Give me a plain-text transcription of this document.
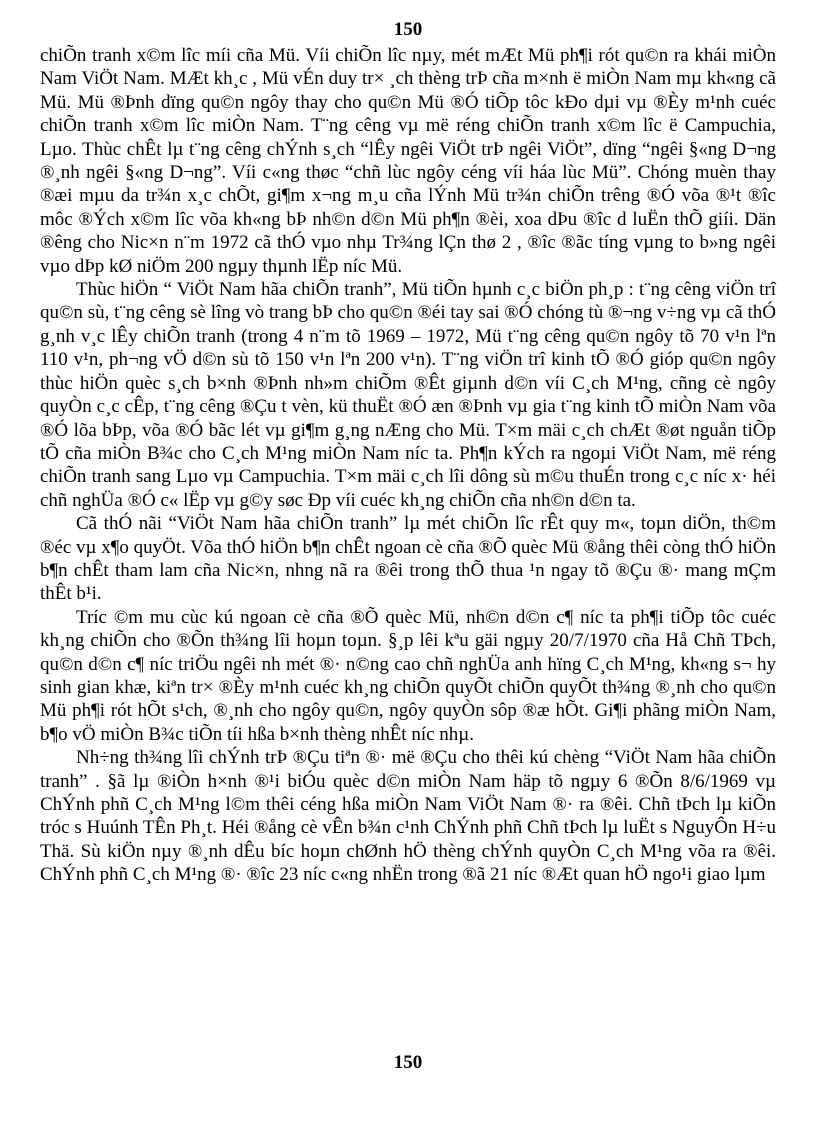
150

chiÕn tranh x©m lîc míi cña Mü. Víi chiÕn lîc nµy, mét mÆt Mü ph¶i rót qu©n ra khái miÒn Nam ViÖt Nam. MÆt kh¸c , Mü vÉn duy tr× ¸ch thèng trÞ cña m×nh ë miÒn Nam mµ kh«ng cã Mü. Mü ®Þnh dïng qu©n ngôy thay cho qu©n Mü ®Ó tiÕp tôc kÐo dµi vµ ®Èy m¹nh cuéc chiÕn tranh x©m lîc miÒn Nam. T¨ng cêng vµ më réng chiÕn tranh x©m lîc ë Campuchia, Lµo. Thùc chÊt lµ t¨ng cêng chÝnh s¸ch “lÊy ngêi ViÖt trÞ ngêi ViÖt”, dïng “ngêi §«ng D¬ng ®¸nh ngêi §«ng D¬ng”. Víi c«ng thøc “chñ lùc ngôy céng víi háa lùc Mü”. Chóng muèn thay ®æi mµu da tr¾n x¸c chÕt, gi¶m x¬ng m¸u cña lÝnh Mü tr¾n chiÕn trêng ®Ó võa ®¹t ®îc môc ®Ých x©m lîc võa kh«ng bÞ nh©n d©n Mü ph¶n ®èi, xoa dÞu ®îc d luËn thÕ giíi. Dän ®êng cho Nic×n n¨m 1972 cã thÓ vµo nhµ Tr¾ng lÇn thø 2 , ®îc ®ãc tíng vµng to b»ng ngêi vµo dÞp kØ niÖm 200 ngµy thµnh lËp níc Mü.

Thùc hiÖn “ ViÖt Nam hãa chiÕn tranh”, Mü tiÕn hµnh c¸c biÖn ph¸p : t¨ng cêng viÖn trî qu©n sù, t¨ng cêng sè lîng vò trang bÞ cho qu©n ®éi tay sai ®Ó chóng tù ®¬ng v÷ng vµ cã thÓ g¸nh v¸c lÊy chiÕn tranh (trong 4 n¨m tõ 1969 – 1972, Mü t¨ng cêng qu©n ngôy tõ 70 v¹n lªn 110 v¹n, ph¬ng vÖ d©n sù tõ 150 v¹n lªn 200 v¹n). T¨ng viÖn trî kinh tÕ ®Ó gióp qu©n ngôy thùc hiÖn quèc s¸ch b×nh ®Þnh nh»m chiÕm ®Êt giµnh d©n víi C¸ch M¹ng, cñng cè ngôy quyÒn c¸c cÊp, t¨ng cêng ®Çu t vèn, kü thuËt ®Ó æn ®Þnh vµ gia t¨ng kinh tÕ miÒn Nam võa ®Ó lõa bÞp, võa ®Ó bãc lét vµ gi¶m g¸ng nÆng cho Mü. T×m mäi c¸ch chÆt ®øt nguån tiÕp tÕ cña miÒn B¾c cho C¸ch M¹ng miÒn Nam níc ta. Ph¶n kÝch ra ngoµi ViÖt Nam, më réng chiÕn tranh sang Lµo vµ Campuchia. T×m mäi c¸ch lîi dông sù m©u thuÉn trong c¸c níc x· héi chñ nghÜa ®Ó c« lËp vµ g©y søc Ðp víi cuéc kh¸ng chiÕn cña nh©n d©n ta.

Cã thÓ nãi “ViÖt Nam hãa chiÕn tranh” lµ mét chiÕn lîc rÊt quy m«, toµn diÖn, th©m ®éc vµ x¶o quyÖt. Võa thÓ hiÖn b¶n chÊt ngoan cè cña ®Õ quèc Mü ®ång thêi còng thÓ hiÖn b¶n chÊt tham lam cña Nic×n, nhng nã ra ®êi trong thÕ thua ¹n ngay tõ ®Çu ®· mang mÇm thÊt b¹i.

Tríc ©m mu cùc kú ngoan cè cña ®Õ quèc Mü, nh©n d©n c¶ níc ta ph¶i tiÕp tôc cuéc kh¸ng chiÕn cho ®Õn th¾ng lîi hoµn toµn. §¸p lêi kªu gäi ngµy 20/7/1970 cña Hå Chñ TÞch, qu©n d©n c¶ níc triÖu ngêi nh mét ®· n©ng cao chñ nghÜa anh hïng C¸ch M¹ng, kh«ng s¬ hy sinh gian khæ, kiªn tr× ®Èy m¹nh cuéc kh¸ng chiÕn quyÕt chiÕn quyÕt th¾ng ®¸nh cho qu©n Mü ph¶i rót hÕt s¹ch, ®¸nh cho ngôy qu©n, ngôy quyÒn sôp ®æ hÕt. Gi¶i phãng miÒn Nam, b¶o vÖ miÒn B¾c tiÕn tíi hßa b×nh thèng nhÊt níc nhµ.

Nh÷ng th¾ng lîi chÝnh trÞ ®Çu tiªn ®· më ®Çu cho thêi kú chèng “ViÖt Nam hãa chiÕn tranh” . §ã lµ ®iÒn h×nh ®¹i biÓu quèc d©n miÒn Nam häp tõ ngµy 6 ®Õn 8/6/1969 vµ ChÝnh phñ C¸ch M¹ng l©m thêi céng hßa miÒn Nam ViÖt Nam ®· ra ®êi. Chñ tÞch lµ kiÕn tróc s Huúnh TÊn Ph¸t. Héi ®ång cè vÊn b¾n c¹nh ChÝnh phñ Chñ tÞch lµ luËt s NguyÔn H÷u Thä. Sù kiÖn nµy ®¸nh dÊu bíc hoµn chØnh hÖ thèng chÝnh quyÒn C¸ch M¹ng võa ra ®êi. ChÝnh phñ C¸ch M¹ng ®· ®îc 23 níc c«ng nhËn trong ®ã 21 níc ®Æt quan hÖ ngo¹i giao lµm

150
